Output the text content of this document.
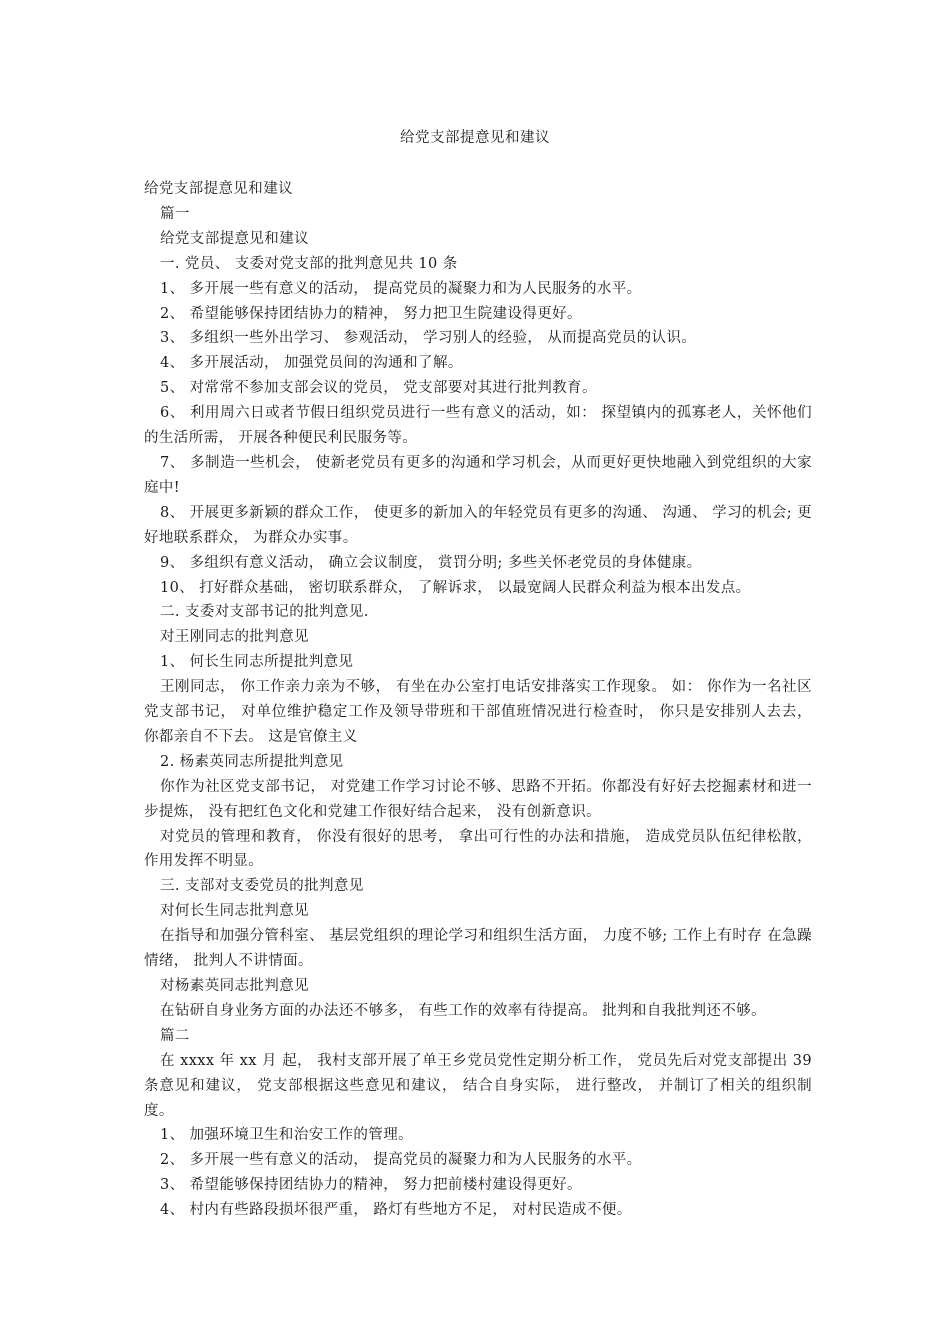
给党支部提意见和建议

给党支部提意见和建议

篇一

给党支部提意见和建议

一. 党员、 支委对党支部的批判意见共 10 条

1、 多开展一些有意义的活动， 提高党员的凝聚力和为人民服务的水平。

2、 希望能够保持团结协力的精神， 努力把卫生院建设得更好。

3、 多组织一些外出学习、 参观活动， 学习别人的经验， 从而提高党员的认识。

4、 多开展活动， 加强党员间的沟通和了解。

5、 对常常不参加支部会议的党员， 党支部要对其进行批判教育。

6、 利用周六日或者节假日组织党员进行一些有意义的活动，如： 探望镇内的孤寡老人，关怀他们的生活所需， 开展各种便民利民服务等。

7、 多制造一些机会， 使新老党员有更多的沟通和学习机会，从而更好更快地融入到党组织的大家庭中!

8、 开展更多新颖的群众工作， 使更多的新加入的年轻党员有更多的沟通、 沟通、 学习的机会; 更好地联系群众， 为群众办实事。

9、 多组织有意义活动， 确立会议制度， 赏罚分明; 多些关怀老党员的身体健康。

10、 打好群众基础， 密切联系群众， 了解诉求， 以最宽阔人民群众利益为根本出发点。

二. 支委对支部书记的批判意见.

对王刚同志的批判意见

1、 何长生同志所提批判意见

王刚同志， 你工作亲力亲为不够， 有坐在办公室打电话安排落实工作现象。 如： 你作为一名社区党支部书记， 对单位维护稳定工作及领导带班和干部值班情况进行检查时， 你只是安排别人去去， 你都亲自不下去。 这是官僚主义

2. 杨素英同志所提批判意见

你作为社区党支部书记， 对党建工作学习讨论不够、思路不开拓。你都没有好好去挖掘素材和进一步提炼， 没有把红色文化和党建工作很好结合起来， 没有创新意识。

对党员的管理和教育， 你没有很好的思考， 拿出可行性的办法和措施， 造成党员队伍纪律松散， 作用发挥不明显。

三. 支部对支委党员的批判意见

对何长生同志批判意见

在指导和加强分管科室、 基层党组织的理论学习和组织生活方面， 力度不够; 工作上有时存 在急躁情绪， 批判人不讲情面。

对杨素英同志批判意见

在钻研自身业务方面的办法还不够多， 有些工作的效率有待提高。 批判和自我批判还不够。

篇二

在 xxxx 年 xx 月 起， 我村支部开展了单王乡党员党性定期分析工作， 党员先后对党支部提出 39 条意见和建议， 党支部根据这些意见和建议， 结合自身实际， 进行整改， 并制订了相关的组织制度。

1、 加强环境卫生和治安工作的管理。

2、 多开展一些有意义的活动， 提高党员的凝聚力和为人民服务的水平。

3、 希望能够保持团结协力的精神， 努力把前楼村建设得更好。

4、 村内有些路段损坏很严重， 路灯有些地方不足， 对村民造成不便。
